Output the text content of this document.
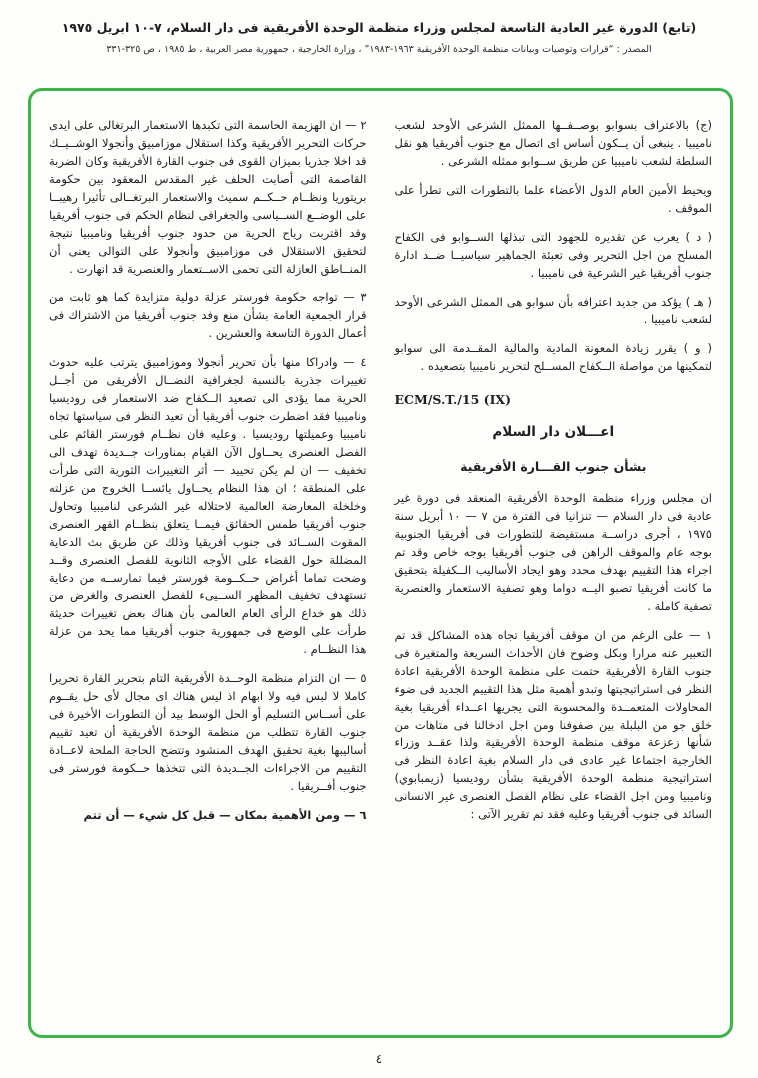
(تابع) الدورة غير العادية التاسعة لمجلس وزراء منظمة الوحدة الأفريقية فى دار السلام، ٧-١٠ ابريل ١٩٧٥
المصدر : “قرارات وتوصيات وبيانات منظمة الوحدة الأفريقية ١٩٦٣-١٩٨٣” ، وزارة الخارجية ، جمهورية مصر العربية ، ط ١٩٨٥ ، ص ٣٢٥-٣٣١

(ج) بالاعتراف بسوابو بوصــفــها الممثل الشرعى الأوحد لشعب ناميبيا . ينبغى أن يــكون أساس اى اتصال مع جنوب أفريقيا هو نقل السلطة لشعب ناميبيا عن طريق ســوابو ممثله الشرعى .

ويحيط الأمين العام الدول الأعضاء علما بالتطورات التى تطرأ على الموقف .

( د ) يعرب عن تقديره للجهود التى تبذلها الســوابو فى الكفاح المسلح من اجل التحرير وفى تعبئة الجماهير سياسيــا ضــد ادارة جنوب أفريقيا غير الشرعية فى ناميبيا .

( هـ ) يؤكد من جديد اعترافه بأن سوابو هى الممثل الشرعى الأوحد لشعب ناميبيا .

( و ) يقرر زيادة المعونة المادية والمالية المقــدمة الى سوابو لتمكينها من مواصلة الــكفاح المســلح لتحرير ناميبيا بتصعيده .

ECM/S.T./15 (IX)
اعـــلان دار السلام
بشأن جنوب القـــارة الأفريقية

ان مجلس وزراء منظمة الوحدة الأفريقية المنعقد فى دورة غير عادية فى دار السلام — تنزانيا فى الفترة من ٧ — ١٠ أبريل سنة ١٩٧٥ ، أجرى دراســة مستفيضة للتطورات فى أفريقيا الجنوبية بوجه عام والموقف الراهن فى جنوب أفريقيا بوجه خاص وقد تم اجراء هذا التقييم بهدف محدد وهو ايجاد الأساليب الــكفيلة بتحقيق ما كانت أفريقيا تصبو اليــه دواما وهو تصفية الاستعمار والعنصرية تصفية كاملة .

١ — على الرغم من ان موقف أفريقيا تجاه هذه المشاكل قد تم التعبير عنه مرارا وبكل وضوح فان الأحداث السريعة والمتغيرة فى جنوب القارة الأفريقية حتمت على منظمة الوحدة الأفريقية اعادة النظر فى استراتيجيتها وتبدو أهمية مثل هذا التقييم الجديد فى ضوء المحاولات المتعمــدة والمحسوبة التى يجريها اعــداء أفريقيا بغية خلق جو من البلبلة بين صفوفنا ومن اجل ادخالنا فى متاهات من شأنها زعزعة موقف منظمة الوحدة الأفريقية ولذا عقــد وزراء الخارجية اجتماعا غير عادى فى دار السلام بغية اعادة النظر فى استراتيجية منظمة الوحدة الأفريقية بشأن روديسيا (زيمبابوي) وناميبيا ومن اجل القضاء على نظام الفصل العنصرى غير الانسانى السائد فى جنوب أفريقيا وعليه فقد تم تقرير الآتى :

٢ — ان الهزيمة الحاسمة التى تكبدها الاستعمار البرتغالى على ايدى حركات التحرير الأفريقية وكذا استقلال موزامبيق وأنجولا الوشــيــك قد اخلا جذريا بميزان القوى فى جنوب القارة الأفريقية وكان الضربة القاصمة التى أصابت الحلف غير المقدس المعقود بين حكومة بريتوريا ونظــام حــكــم سميث والاستعمار البرتغــالى تأثيرا رهيبــا على الوضــع الســياسى والجغرافى لنظام الحكم فى جنوب أفريقيا وقد اقتربت رياح الحرية من حدود جنوب أفريقيا وناميبيا نتيجة لتحقيق الاستقلال فى موزامبيق وأنجولا على التوالى يعنى أن المنــاطق العازلة التى تحمى الاســتعمار والعنصرية قد انهارت .

٣ — تواجه حكومة فورستر عزلة دولية متزايدة كما هو ثابت من قرار الجمعية العامة بشأن منع وفد جنوب أفريقيا من الاشتراك فى أعمال الدورة التاسعة والعشرين .

٤ — وادراكا منها بأن تحرير أنجولا وموزامبيق يترتب عليه حدوث تغييرات جذرية بالنسبة لجغرافية النضــال الأفريقى من أجــل الحرية مما يؤدى الى تصعيد الــكفاح ضد الاستعمار فى روديسيا وناميبيا فقد اضطرت جنوب أفريقيا أن تعيد النظر فى سياستها تجاه ناميبيا وعميلتها روديسيا . وعليه فان نظــام فورستر القائم على الفصل العنصرى يحــاول الآن القيام بمناورات جــديدة تهدف الى تخفيف — ان لم يكن تحييد — أثر التغييرات الثورية التى طرأت على المنطقة ؛ ان هذا النظام يحــاول يائســا الخروج من عزلته وخلخلة المعارضة العالمية لاحتلاله غير الشرعى لناميبيا وتحاول جنوب أفريقيا طمس الحقائق فيمــا يتعلق بنظــام القهر العنصرى المقوت الســائد فى جنوب أفريقيا وذلك عن طريق بث الدعاية المضللة حول القضاء على الأوجه الثانوية للفصل العنصرى وقــد وضحت تماما أغراض حــكــومة فورستر فيما تمارســه من دعاية تستهدف تخفيف المظهر الســيىء للفصل العنصرى والغرض من ذلك هو خداع الرأى العام العالمى بأن هناك بعض تغييرات حديثة طرأت على الوضع فى جمهورية جنوب أفريقيا مما يحد من عزلة هذا النظــام .

٥ — ان التزام منظمة الوحــدة الأفريقية التام بتحرير القارة تحريرا كاملا لا لبس فيه ولا ابهام اذ ليس هناك اى مجال لأى حل يقــوم على أســاس التسليم أو الحل الوسط بيد أن التطورات الأخيرة فى جنوب القارة تتطلب من منظمة الوحدة الأفريقية أن تعيد تقييم أساليبها بغية تحقيق الهدف المنشود وتتضح الحاجة الملحة لاعــادة التقييم من الاجراءات الجــديدة التى تتخذها حــكومة فورستر فى جنوب أفــريقيا .

٦ — ومن الأهمية بمكان — قبل كل شيء — أن تتم

٤
